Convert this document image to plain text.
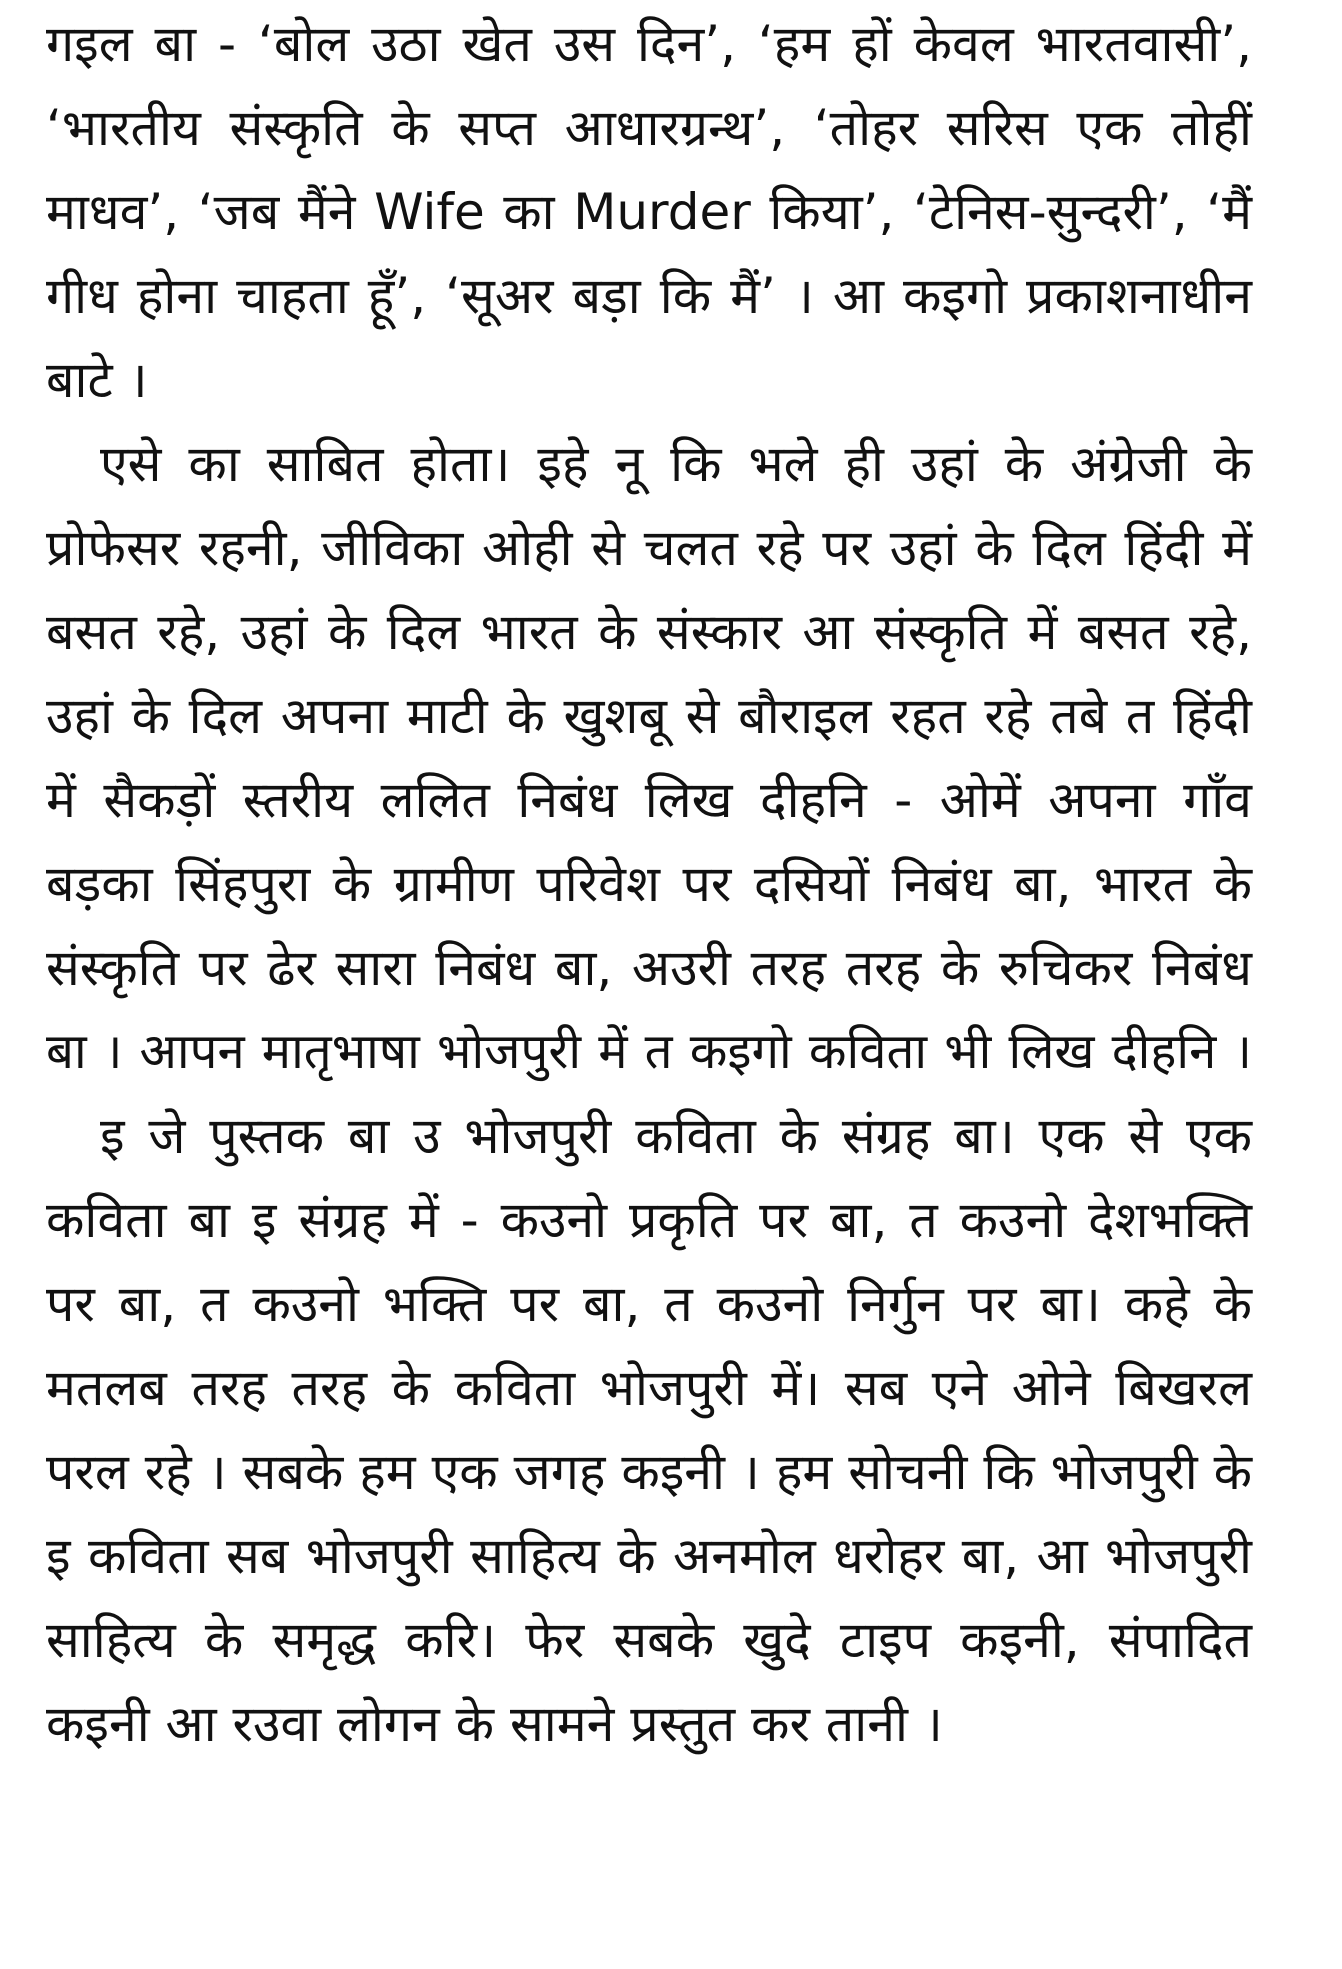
गइल बा - ‘बोल उठा खेत उस दिन’, ‘हम हों केवल भारतवासी’,
‘भारतीय संस्कृति के सप्त आधारग्रन्थ’, ‘तोहर सरिस एक तोहीं
माधव’, ‘जब मैंने Wife का Murder किया’, ‘टेनिस-सुन्दरी’, ‘मैं
गीध होना चाहता हूँ’, ‘सूअर बड़ा कि मैं’ । आ कइगो प्रकाशनाधीन
बाटे ।
एसे का साबित होता। इहे नू कि भले ही उहां के अंग्रेजी के
प्रोफेसर रहनी, जीविका ओही से चलत रहे पर उहां के दिल हिंदी में
बसत रहे, उहां के दिल भारत के संस्कार आ संस्कृति में बसत रहे,
उहां के दिल अपना माटी के खुशबू से बौराइल रहत रहे तबे त हिंदी
में सैकड़ों स्तरीय ललित निबंध लिख दीहनि - ओमें अपना गाँव
बड़का सिंहपुरा के ग्रामीण परिवेश पर दसियों निबंध बा, भारत के
संस्कृति पर ढेर सारा निबंध बा, अउरी तरह तरह के रुचिकर निबंध
बा । आपन मातृभाषा भोजपुरी में त कइगो कविता भी लिख दीहनि ।
इ जे पुस्तक बा उ भोजपुरी कविता के संग्रह बा। एक से एक
कविता बा इ संग्रह में - कउनो प्रकृति पर बा, त कउनो देशभक्ति
पर बा, त कउनो भक्ति पर बा, त कउनो निर्गुन पर बा। कहे के
मतलब तरह तरह के कविता भोजपुरी में। सब एने ओने बिखरल
परल रहे । सबके हम एक जगह कइनी । हम सोचनी कि भोजपुरी के
इ कविता सब भोजपुरी साहित्य के अनमोल धरोहर बा, आ भोजपुरी
साहित्य के समृद्ध करि। फेर सबके खुदे टाइप कइनी, संपादित
कइनी आ रउवा लोगन के सामने प्रस्तुत कर तानी ।
